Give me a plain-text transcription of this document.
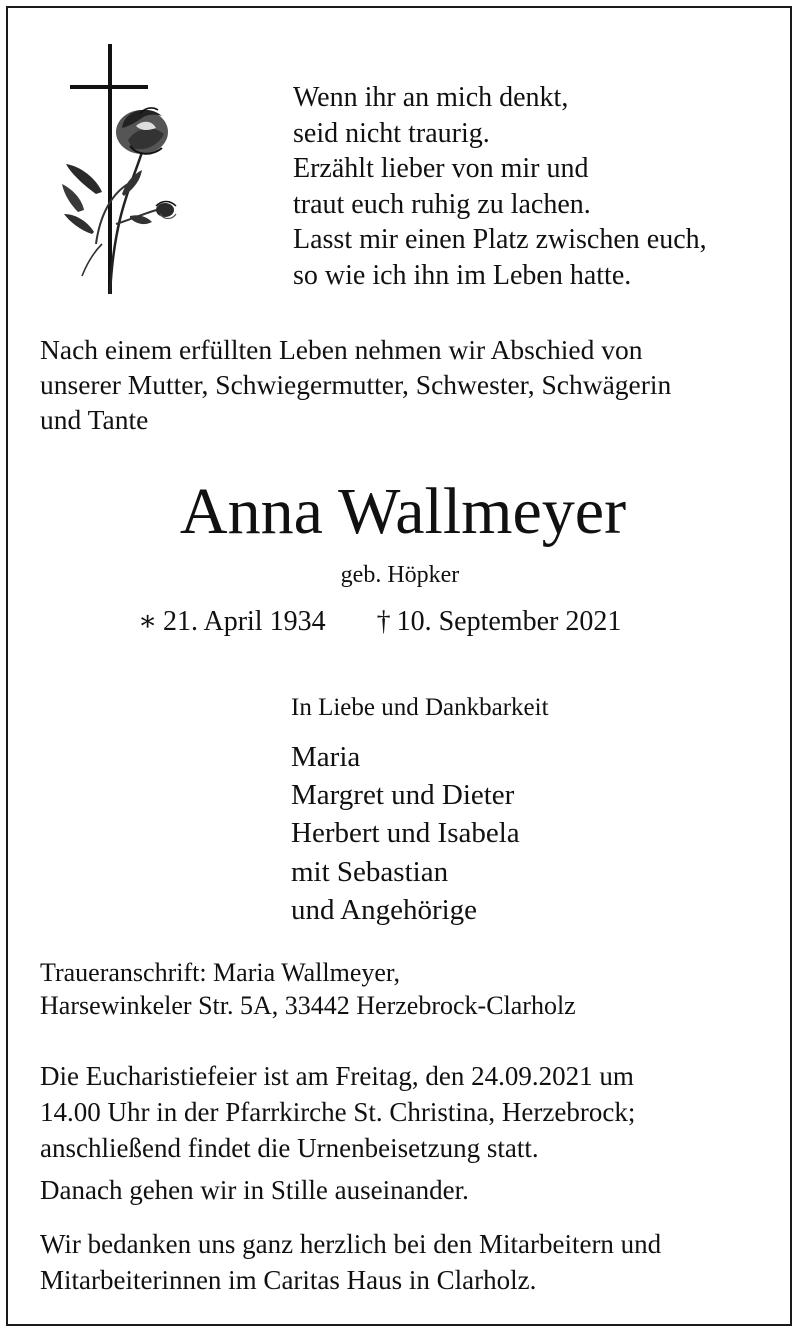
Wenn ihr an mich denkt,
seid nicht traurig.
Erzählt lieber von mir und
traut euch ruhig zu lachen.
Lasst mir einen Platz zwischen euch,
so wie ich ihn im Leben hatte.
Nach einem erfüllten Leben nehmen wir Abschied von
unserer Mutter, Schwiegermutter, Schwester, Schwägerin
und Tante
Anna Wallmeyer
geb. Höpker
∗ 21. April 1934 † 10. September 2021
In Liebe und Dankbarkeit
Maria
Margret und Dieter
Herbert und Isabela
mit Sebastian
und Angehörige
Traueranschrift: Maria Wallmeyer,
Harsewinkeler Str. 5A, 33442 Herzebrock-Clarholz
Die Eucharistiefeier ist am Freitag, den 24.09.2021 um
14.00 Uhr in der Pfarrkirche St. Christina, Herzebrock;
anschließend findet die Urnenbeisetzung statt.
Danach gehen wir in Stille auseinander.
Wir bedanken uns ganz herzlich bei den Mitarbeitern und
Mitarbeiterinnen im Caritas Haus in Clarholz.
